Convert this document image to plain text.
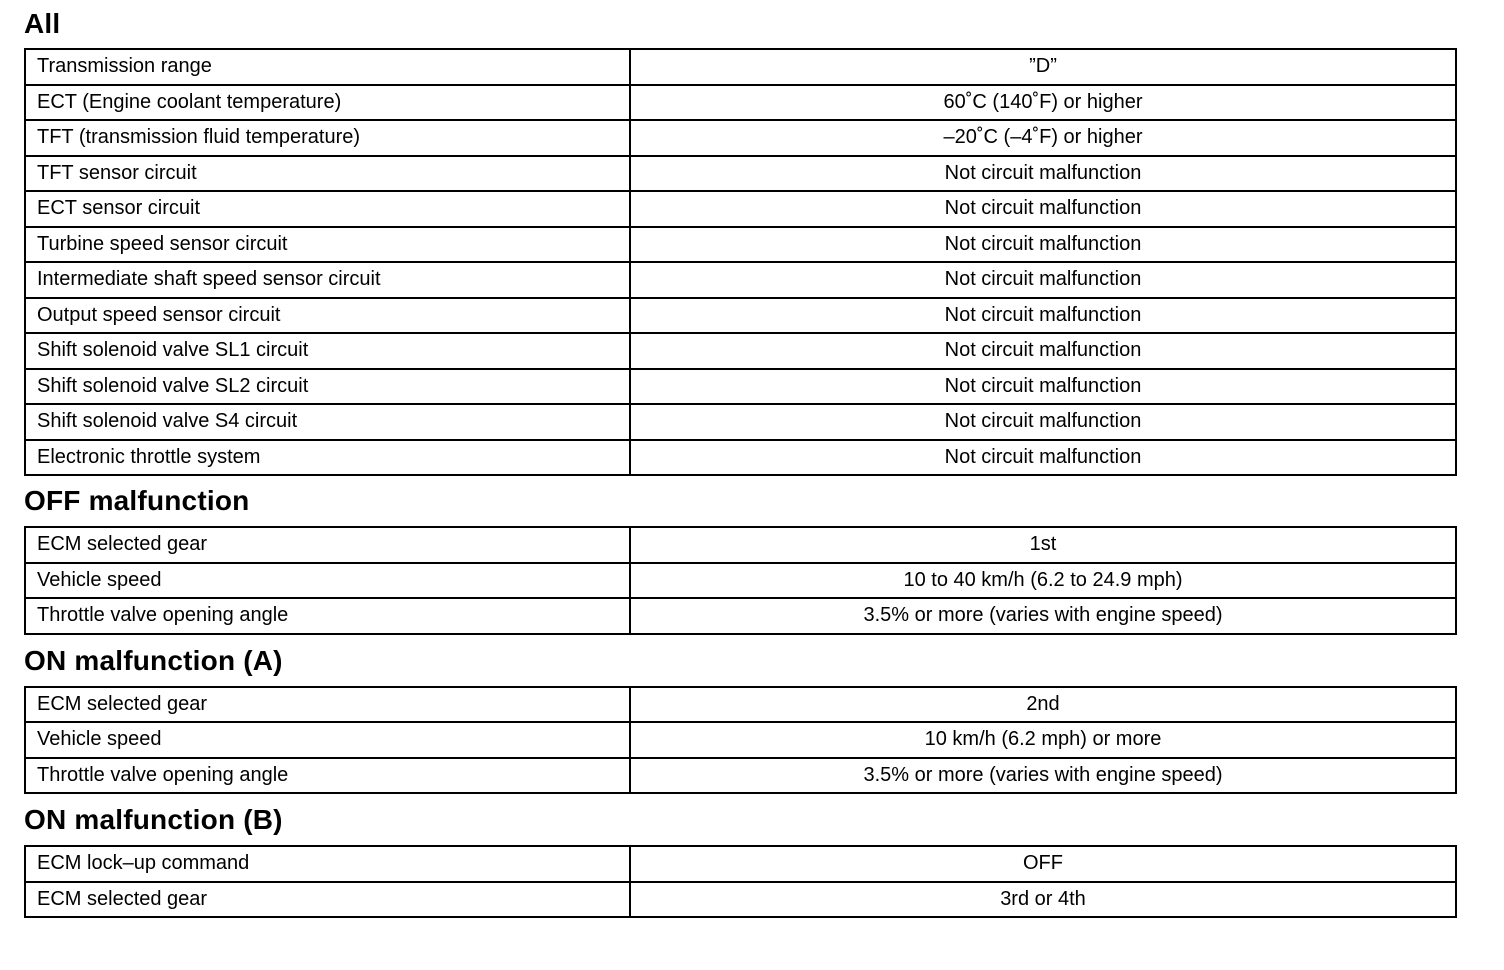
All
Transmission range	”D”
ECT (Engine coolant temperature)	60˚C (140˚F) or higher
TFT (transmission fluid temperature)	–20˚C (–4˚F) or higher
TFT sensor circuit	Not circuit malfunction
ECT sensor circuit	Not circuit malfunction
Turbine speed sensor circuit	Not circuit malfunction
Intermediate shaft speed sensor circuit	Not circuit malfunction
Output speed sensor circuit	Not circuit malfunction
Shift solenoid valve SL1 circuit	Not circuit malfunction
Shift solenoid valve SL2 circuit	Not circuit malfunction
Shift solenoid valve S4 circuit	Not circuit malfunction
Electronic throttle system	Not circuit malfunction
OFF malfunction
ECM selected gear	1st
Vehicle speed	10 to 40 km/h (6.2 to 24.9 mph)
Throttle valve opening angle	3.5% or more (varies with engine speed)
ON malfunction (A)
ECM selected gear	2nd
Vehicle speed	10 km/h (6.2 mph) or more
Throttle valve opening angle	3.5% or more (varies with engine speed)
ON malfunction (B)
ECM lock–up command	OFF
ECM selected gear	3rd or 4th
